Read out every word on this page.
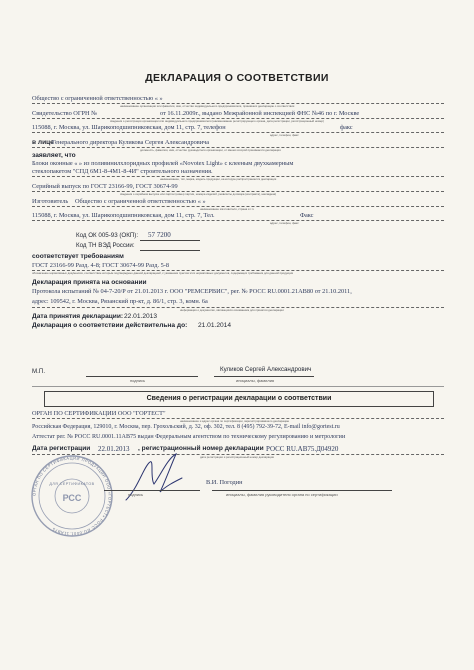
ДЕКЛАРАЦИЯ О СООТВЕТСТВИИ
Общество с ограниченной ответственностью « »
наименование организации или фамилия, имя, отчество индивидуального предпринимателя, принявших декларацию о соответствии
Свидетельство ОГРН №	от 16.11.2009г., выдано Межрайонной инспекцией ФНС №46 по г. Москве
сведения о регистрации организации или индивидуального предпринимателя (наименование регистрирующего органа, дата регистрации, регистрационный номер)
115088, г. Москва, ул. Шарикоподшипниковская, дом 11, стр. 7, телефон	факс
адрес, телефон, факс
в лице
Генерального директора Куликова Сергея Александровича
должность, фамилия, имя, отчество руководителя организации, от имени которой принимается декларация
заявляет, что
Блоки оконные « » из поливинилхлоридных профилей «Novotex Light» с клееным двухкамерным
стеклопакетом "СПД 6М1-8-4М1-8-4И" строительного назначения.
наименование, тип, марка, модель продукции, на которую распространяется декларация
Серийный выпуск по ГОСТ 23166-99, ГОСТ 30674-99
сведения о серийном выпуске или партии (номер партии, номера изделий, реквизиты договора (контракта), накладная)
Изготовитель Общество с ограниченной ответственностью « »
наименование изготовителя, страна и т.п.
115088, г. Москва, ул. Шарикоподшипниковская, дом 11, стр. 7, Тел.	Факс
адрес, телефон, факс
Код ОК 005-93 (ОКП): 57 7200
Код ТН ВЭД России:
соответствует требованиям
ГОСТ 23166-99 Разд. 4-8; ГОСТ 30674-99 Разд. 5-8
обозначение нормативных документов, соответствие которым подтверждено данной декларацией, с указанием пунктов этих нормативных документов, содержащих требования для данной продукции
Декларация принята на основании
Протокола испытаний № 04-7-20/Р от 21.01.2013 г. ООО "РЕМСЕРВИС", рег. № РОСС RU.0001.21АВ80 от 21.10.2011,
адрес: 109542, г. Москва, Рязанский пр-кт, д. 86/1, стр. 3, комн. 6а
информация о документах, являющихся основанием для принятия декларации
Дата принятия декларации: 22.01.2013
Декларация о соответствии действительна до: 21.01.2014
М.П.
подпись
Куликов Сергей Александрович
инициалы, фамилия
Сведения о регистрации декларации о соответствии
ОРГАН ПО СЕРТИФИКАЦИИ ООО "ГОРТЕСТ"
наименование и адрес органа по сертификации, зарегистрировавшего декларацию
Российская Федерация, 129010, г. Москва, пер. Грохольский, д. 32, оф. 302, тел. 8 (495) 792-39-72, E-mail info@gortest.ru
Аттестат рег. № РОСС RU.0001.11АВ75 выдан Федеральным агентством по техническому регулированию и метрологии
Дата регистрации 22.01.2013 , регистрационный номер декларации РОСС RU.АВ75.Д04920
дата регистрации и регистрационный номер декларации
ОРГАН ПО СЕРТИФИКАЦИИ ПРОДУКЦИИ ООО «ГОРТЕСТ» РОСС RU.0001.11АВ75
ДЛЯ СЕРТИФИКАТОВ
РСС
В.И. Погодин
подпись	инициалы, фамилия руководителя органа по сертификации
